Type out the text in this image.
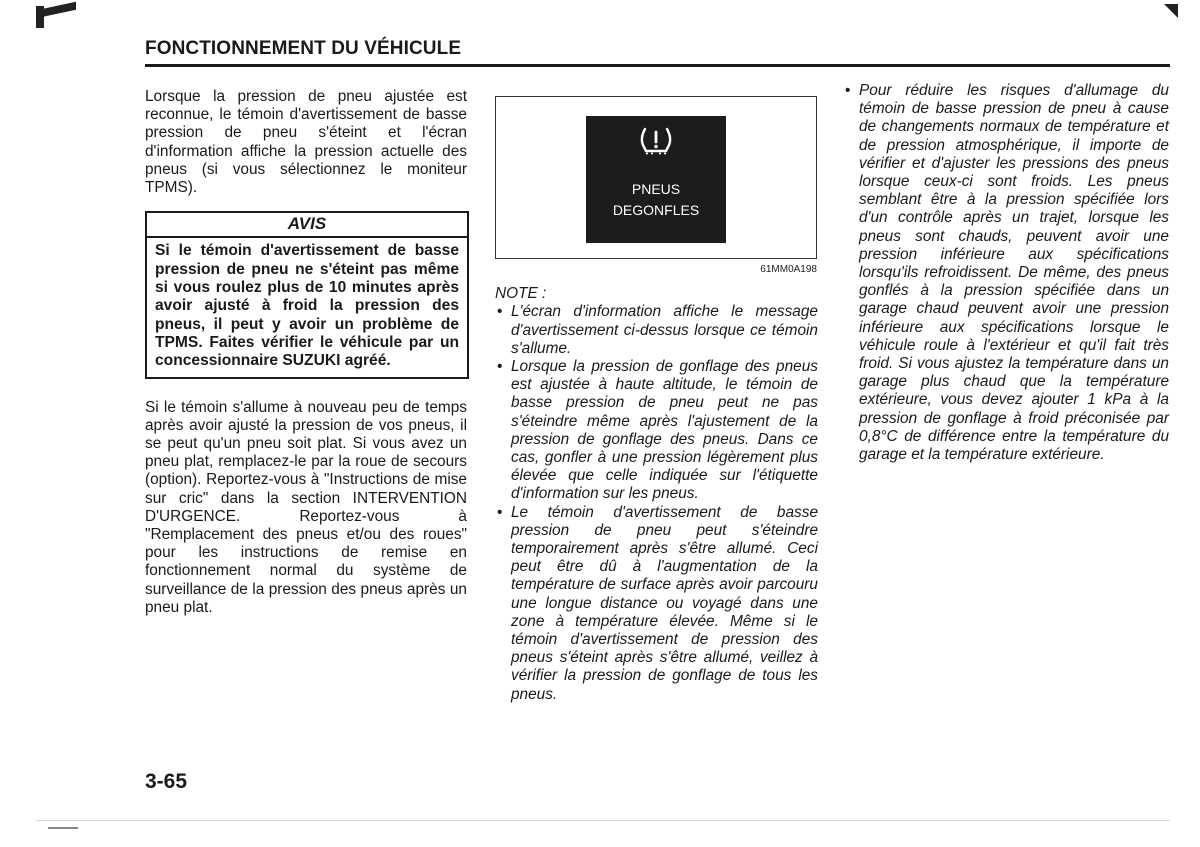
FONCTIONNEMENT DU VÉHICULE

Lorsque la pression de pneu ajustée est reconnue, le témoin d'avertissement de basse pression de pneu s'éteint et l'écran d'information affiche la pression actuelle des pneus (si vous sélectionnez le moniteur TPMS).

AVIS
Si le témoin d'avertissement de basse pression de pneu ne s'éteint pas même si vous roulez plus de 10 minutes après avoir ajusté à froid la pression des pneus, il peut y avoir un problème de TPMS. Faites vérifier le véhicule par un concessionnaire SUZUKI agréé.

Si le témoin s'allume à nouveau peu de temps après avoir ajusté la pression de vos pneus, il se peut qu'un pneu soit plat. Si vous avez un pneu plat, remplacez-le par la roue de secours (option). Reportez-vous à "Instructions de mise sur cric" dans la section INTERVENTION D'URGENCE. Reportez-vous à "Remplacement des pneus et/ou des roues" pour les instructions de remise en fonctionnement normal du système de surveillance de la pression des pneus après un pneu plat.

PNEUS
DEGONFLES
61MM0A198
NOTE :
• L'écran d'information affiche le message d'avertissement ci-dessus lorsque ce témoin s'allume.
• Lorsque la pression de gonflage des pneus est ajustée à haute altitude, le témoin de basse pression de pneu peut ne pas s'éteindre même après l'ajustement de la pression de gonflage des pneus. Dans ce cas, gonfler à une pression légèrement plus élevée que celle indiquée sur l'étiquette d'information sur les pneus.
• Le témoin d'avertissement de basse pression de pneu peut s'éteindre temporairement après s'être allumé. Ceci peut être dû à l'augmentation de la température de surface après avoir parcouru une longue distance ou voyagé dans une zone à température élevée. Même si le témoin d'avertissement de pression des pneus s'éteint après s'être allumé, veillez à vérifier la pression de gonflage de tous les pneus.
• Pour réduire les risques d'allumage du témoin de basse pression de pneu à cause de changements normaux de température et de pression atmosphérique, il importe de vérifier et d'ajuster les pressions des pneus lorsque ceux-ci sont froids. Les pneus semblant être à la pression spécifiée lors d'un contrôle après un trajet, lorsque les pneus sont chauds, peuvent avoir une pression inférieure aux spécifications lorsqu'ils refroidissent. De même, des pneus gonflés à la pression spécifiée dans un garage chaud peuvent avoir une pression inférieure aux spécifications lorsque le véhicule roule à l'extérieur et qu'il fait très froid. Si vous ajustez la température dans un garage plus chaud que la température extérieure, vous devez ajouter 1 kPa à la pression de gonflage à froid préconisée par 0,8°C de différence entre la température du garage et la température extérieure.
3-65
